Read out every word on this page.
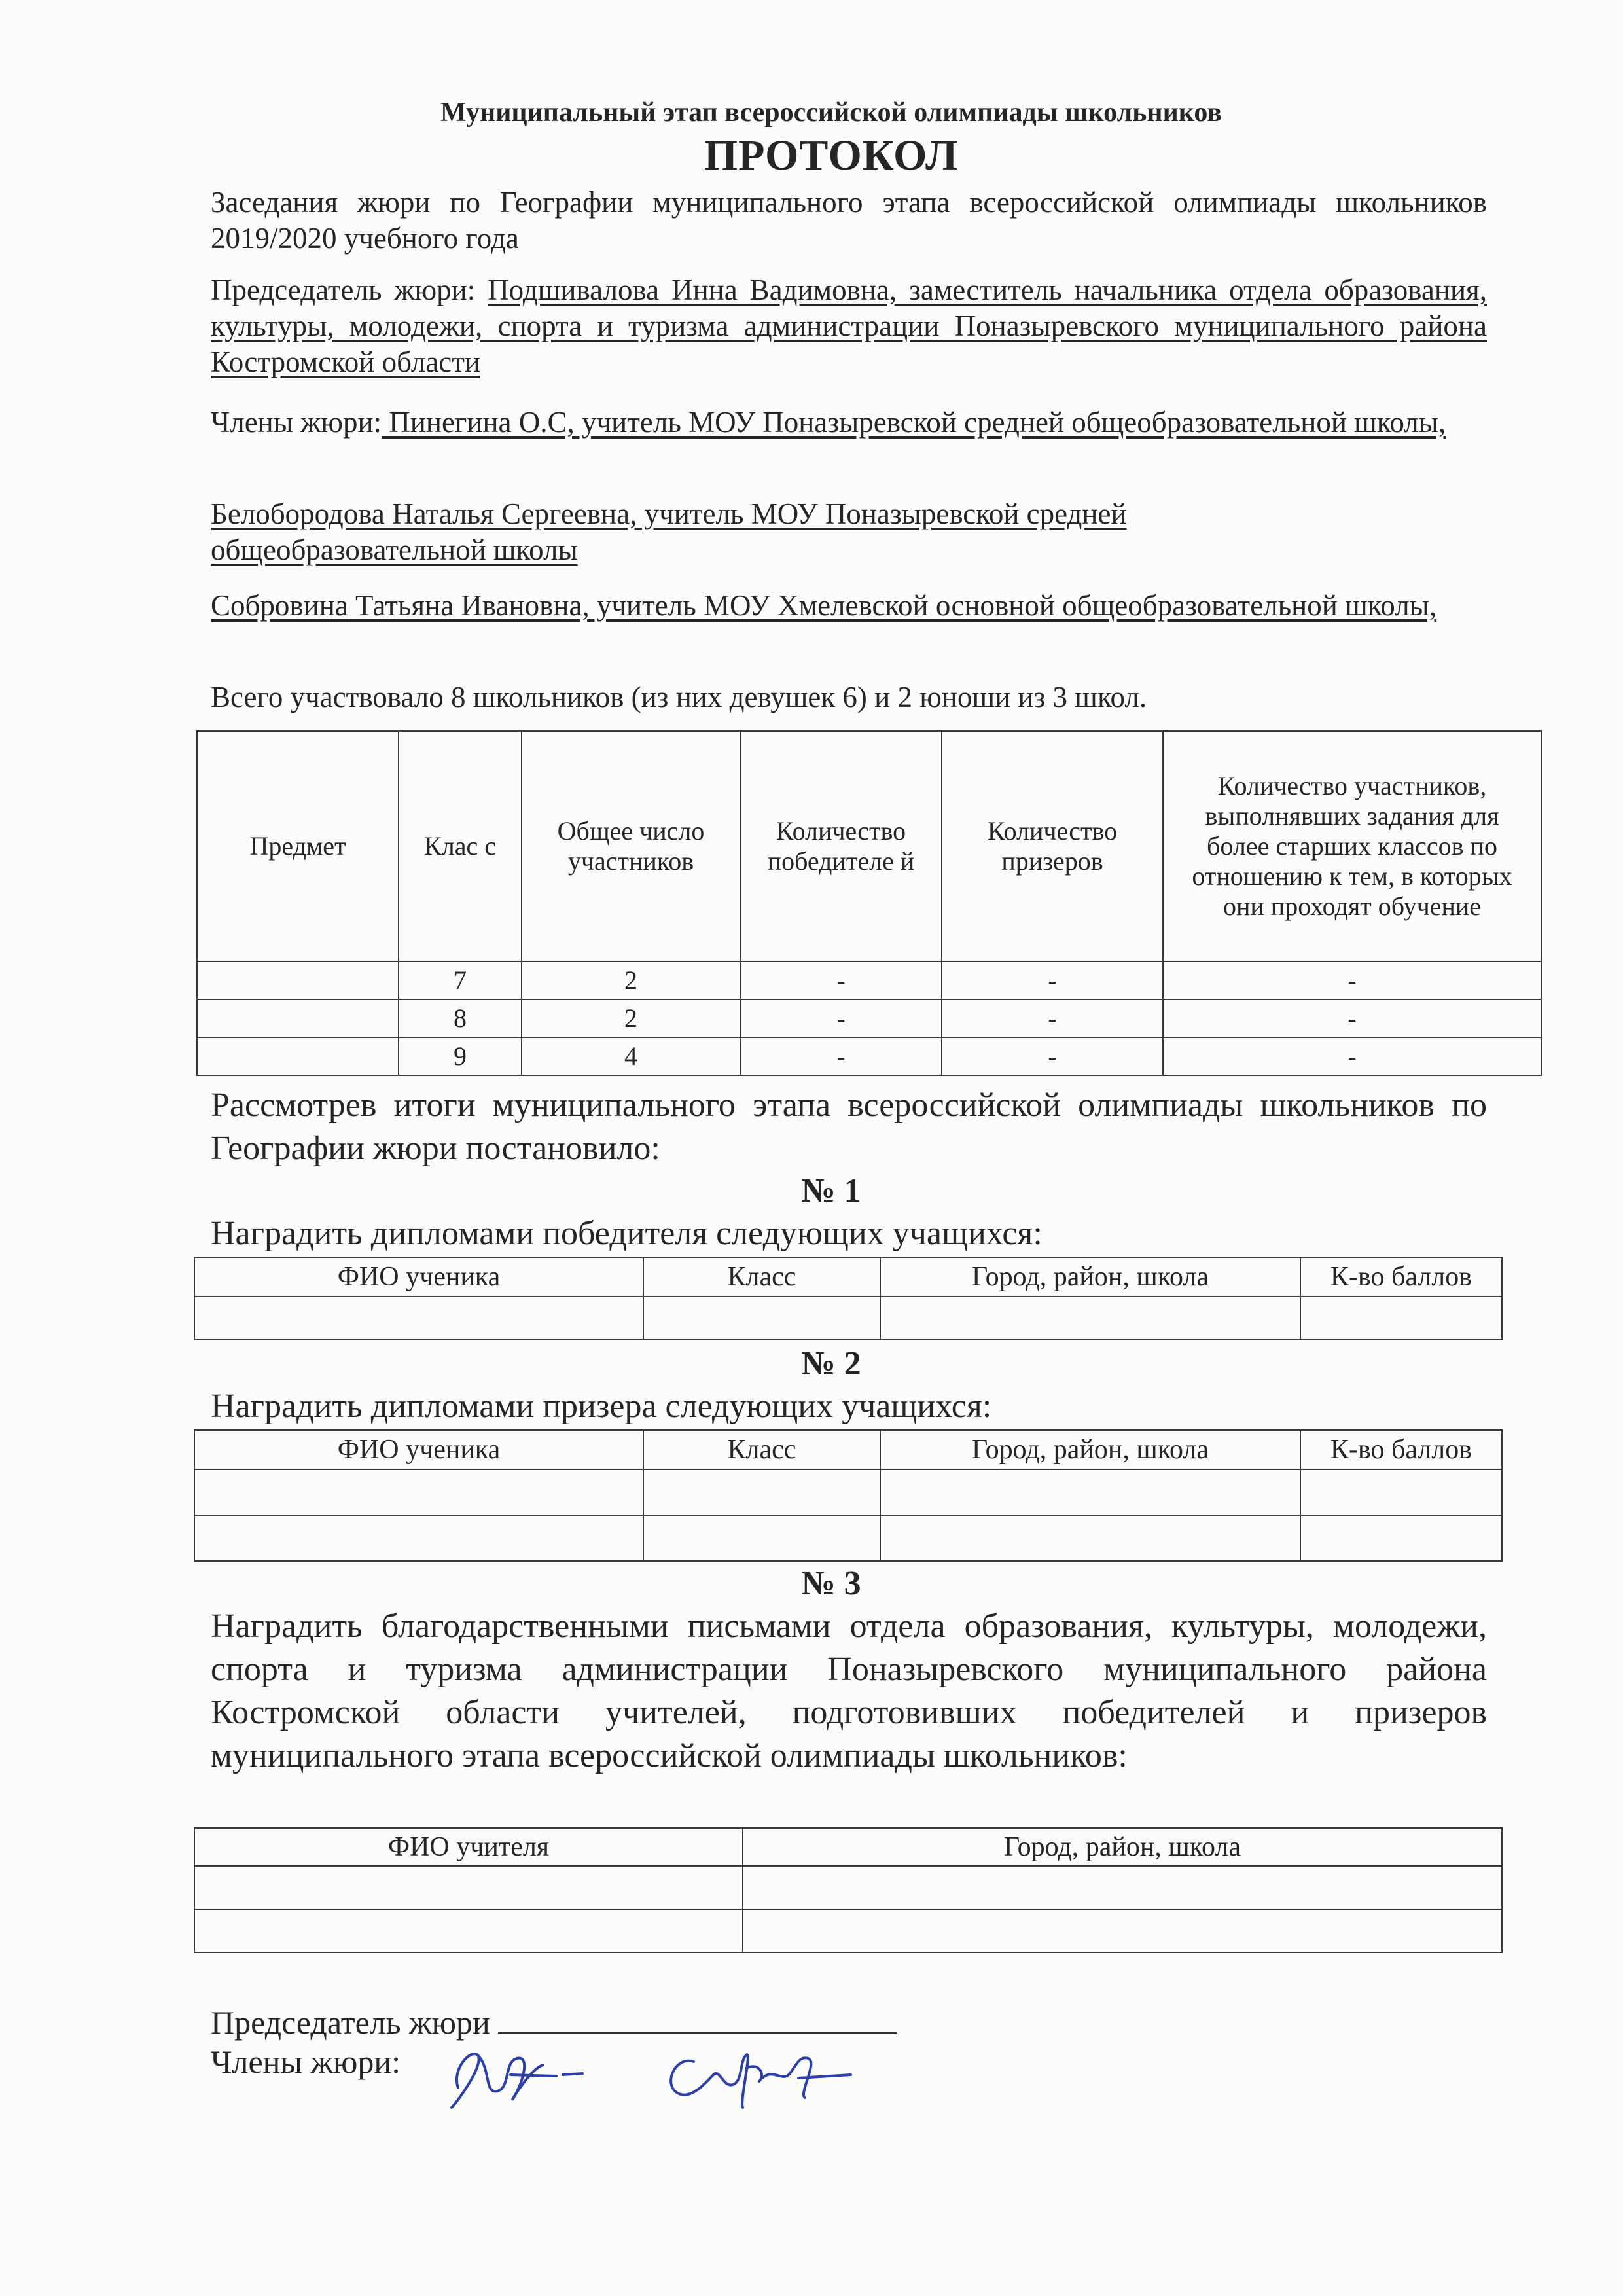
Муниципальный этап всероссийской олимпиады школьников
ПРОТОКОЛ
Заседания жюри по Географии муниципального этапа всероссийской олимпиады школьников 2019/2020 учебного года
Председатель жюри: Подшивалова Инна Вадимовна, заместитель начальника отдела образования, культуры, молодежи, спорта и туризма администрации Поназыревского муниципального района Костромской области
Члены жюри: Пинегина О.С, учитель МОУ Поназыревской средней общеобразовательной школы,
Белобородова Наталья Сергеевна, учитель МОУ Поназыревской средней общеобразовательной школы
Собровина Татьяна Ивановна, учитель МОУ Хмелевской основной общеобразовательной школы,
Всего участвовало 8 школьников (из них девушек 6) и 2 юноши из 3 школ.
Предмет	Клас с	Общее число участников	Количество победителе й	Количество призеров	Количество участников, выполнявших задания для более старших классов по отношению к тем, в которых они проходят обучение
	7	2	-	-	-
	8	2	-	-	-
	9	4	-	-	-
Рассмотрев итоги муниципального этапа всероссийской олимпиады школьников по Географии жюри постановило:
№ 1
Наградить дипломами победителя следующих учащихся:
ФИО ученика	Класс	Город, район, школа	К-во баллов

№ 2
Наградить дипломами призера следующих учащихся:
ФИО ученика	Класс	Город, район, школа	К-во баллов

№ 3
Наградить благодарственными письмами отдела образования, культуры, молодежи, спорта и туризма администрации Поназыревского муниципального района Костромской области учителей, подготовивших победителей и призеров муниципального этапа всероссийской олимпиады школьников:
ФИО учителя	Город, район, школа

Председатель жюри
Члены жюри:
